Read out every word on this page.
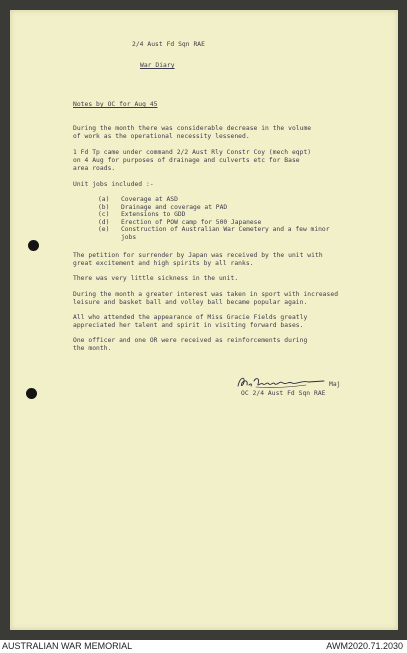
2/4 Aust Fd Sqn RAE
War Diary
Notes by OC for Aug 45
During the month there was considerable decrease in the volume
of work as the operational necessity lessened.
1 Fd Tp came under command 2/2 Aust Rly Constr Coy (mech eqpt)
on 4 Aug for purposes of drainage and culverts etc for Base
area roads.
Unit jobs included :-
(a)	Coverage at ASD
(b)	Drainage and coverage at PAD
(c)	Extensions to GDD
(d)	Erection of POW camp for 500 Japanese
(e)	Construction of Australian War Cemetery and a few minor
jobs
The petition for surrender by Japan was received by the unit with
great excitement and high spirits by all ranks.
There was very little sickness in the unit.
During the month a greater interest was taken in sport with increased
leisure and basket ball and volley ball became popular again.
All who attended the appearance of Miss Gracie Fields greatly
appreciated her talent and spirit in visiting forward bases.
One officer and one OR were received as reinforcements during
the month.
Maj
OC 2/4 Aust Fd Sqn RAE
AUSTRALIAN WAR MEMORIAL	AWM2020.71.2030
